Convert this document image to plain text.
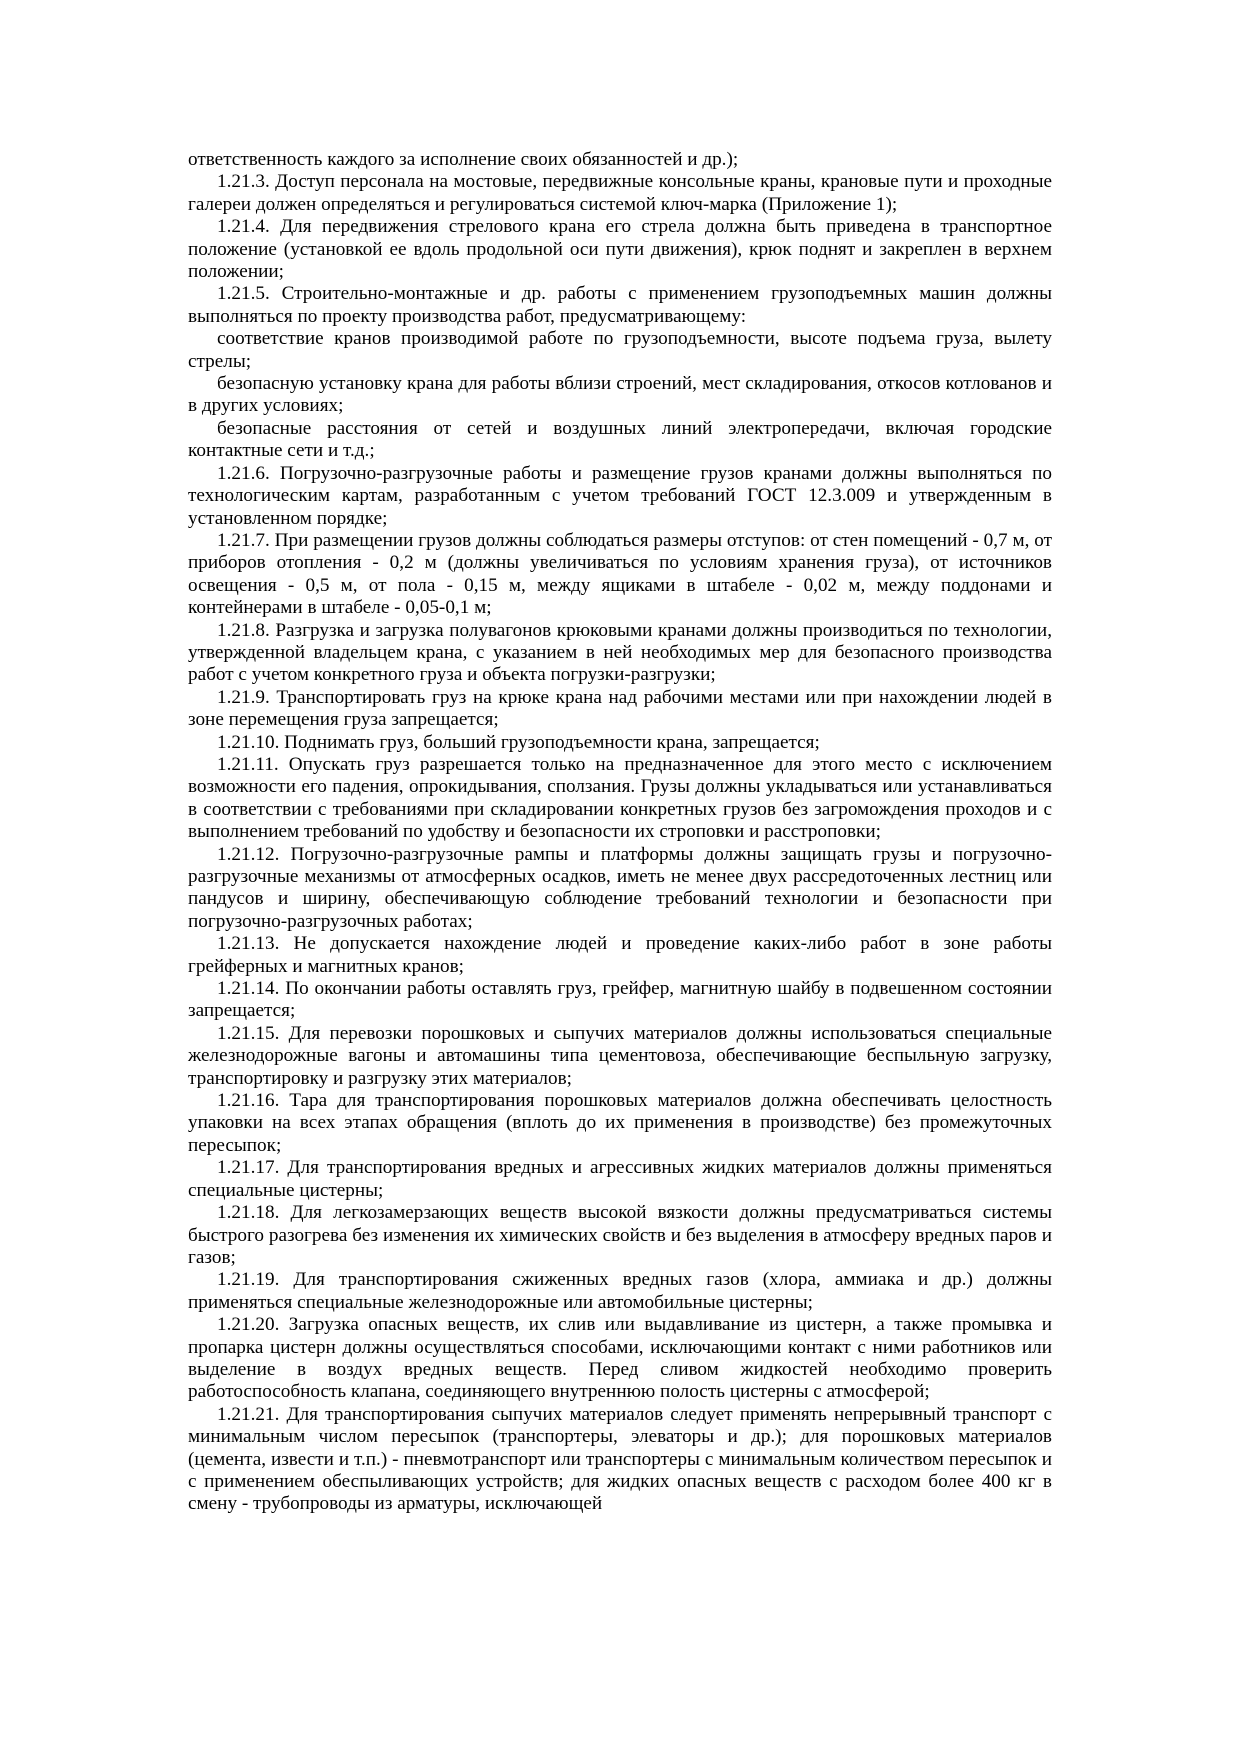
ответственность каждого за исполнение своих обязанностей и др.);

1.21.3. Доступ персонала на мостовые, передвижные консольные краны, крановые пути и проходные галереи должен определяться и регулироваться системой ключ-марка (Приложение 1);

1.21.4. Для передвижения стрелового крана его стрела должна быть приведена в транспортное положение (установкой ее вдоль продольной оси пути движения), крюк поднят и закреплен в верхнем положении;

1.21.5. Строительно-монтажные и др. работы с применением грузоподъемных машин должны выполняться по проекту производства работ, предусматривающему:

соответствие кранов производимой работе по грузоподъемности, высоте подъема груза, вылету стрелы;

безопасную установку крана для работы вблизи строений, мест складирования, откосов котлованов и в других условиях;

безопасные расстояния от сетей и воздушных линий электропередачи, включая городские контактные сети и т.д.;

1.21.6. Погрузочно-разгрузочные работы и размещение грузов кранами должны выполняться по технологическим картам, разработанным с учетом требований ГОСТ 12.3.009 и утвержденным в установленном порядке;

1.21.7. При размещении грузов должны соблюдаться размеры отступов: от стен помещений - 0,7 м, от приборов отопления - 0,2 м (должны увеличиваться по условиям хранения груза), от источников освещения - 0,5 м, от пола - 0,15 м, между ящиками в штабеле - 0,02 м, между поддонами и контейнерами в штабеле - 0,05-0,1 м;

1.21.8. Разгрузка и загрузка полувагонов крюковыми кранами должны производиться по технологии, утвержденной владельцем крана, с указанием в ней необходимых мер для безопасного производства работ с учетом конкретного груза и объекта погрузки-разгрузки;

1.21.9. Транспортировать груз на крюке крана над рабочими местами или при нахождении людей в зоне перемещения груза запрещается;

1.21.10. Поднимать груз, больший грузоподъемности крана, запрещается;

1.21.11. Опускать груз разрешается только на предназначенное для этого место с исключением возможности его падения, опрокидывания, сползания. Грузы должны укладываться или устанавливаться в соответствии с требованиями при складировании конкретных грузов без загромождения проходов и с выполнением требований по удобству и безопасности их строповки и расстроповки;

1.21.12. Погрузочно-разгрузочные рампы и платформы должны защищать грузы и погрузочно-разгрузочные механизмы от атмосферных осадков, иметь не менее двух рассредоточенных лестниц или пандусов и ширину, обеспечивающую соблюдение требований технологии и безопасности при погрузочно-разгрузочных работах;

1.21.13. Не допускается нахождение людей и проведение каких-либо работ в зоне работы грейферных и магнитных кранов;

1.21.14. По окончании работы оставлять груз, грейфер, магнитную шайбу в подвешенном состоянии запрещается;

1.21.15. Для перевозки порошковых и сыпучих материалов должны использоваться специальные железнодорожные вагоны и автомашины типа цементовоза, обеспечивающие беспыльную загрузку, транспортировку и разгрузку этих материалов;

1.21.16. Тара для транспортирования порошковых материалов должна обеспечивать целостность упаковки на всех этапах обращения (вплоть до их применения в производстве) без промежуточных пересыпок;

1.21.17. Для транспортирования вредных и агрессивных жидких материалов должны применяться специальные цистерны;

1.21.18. Для легкозамерзающих веществ высокой вязкости должны предусматриваться системы быстрого разогрева без изменения их химических свойств и без выделения в атмосферу вредных паров и газов;

1.21.19. Для транспортирования сжиженных вредных газов (хлора, аммиака и др.) должны применяться специальные железнодорожные или автомобильные цистерны;

1.21.20. Загрузка опасных веществ, их слив или выдавливание из цистерн, а также промывка и пропарка цистерн должны осуществляться способами, исключающими контакт с ними работников или выделение в воздух вредных веществ. Перед сливом жидкостей необходимо проверить работоспособность клапана, соединяющего внутреннюю полость цистерны с атмосферой;

1.21.21. Для транспортирования сыпучих материалов следует применять непрерывный транспорт с минимальным числом пересыпок (транспортеры, элеваторы и др.); для порошковых материалов (цемента, извести и т.п.) - пневмотранспорт или транспортеры с минимальным количеством пересыпок и с применением обеспыливающих устройств; для жидких опасных веществ с расходом более 400 кг в смену - трубопроводы из арматуры, исключающей
